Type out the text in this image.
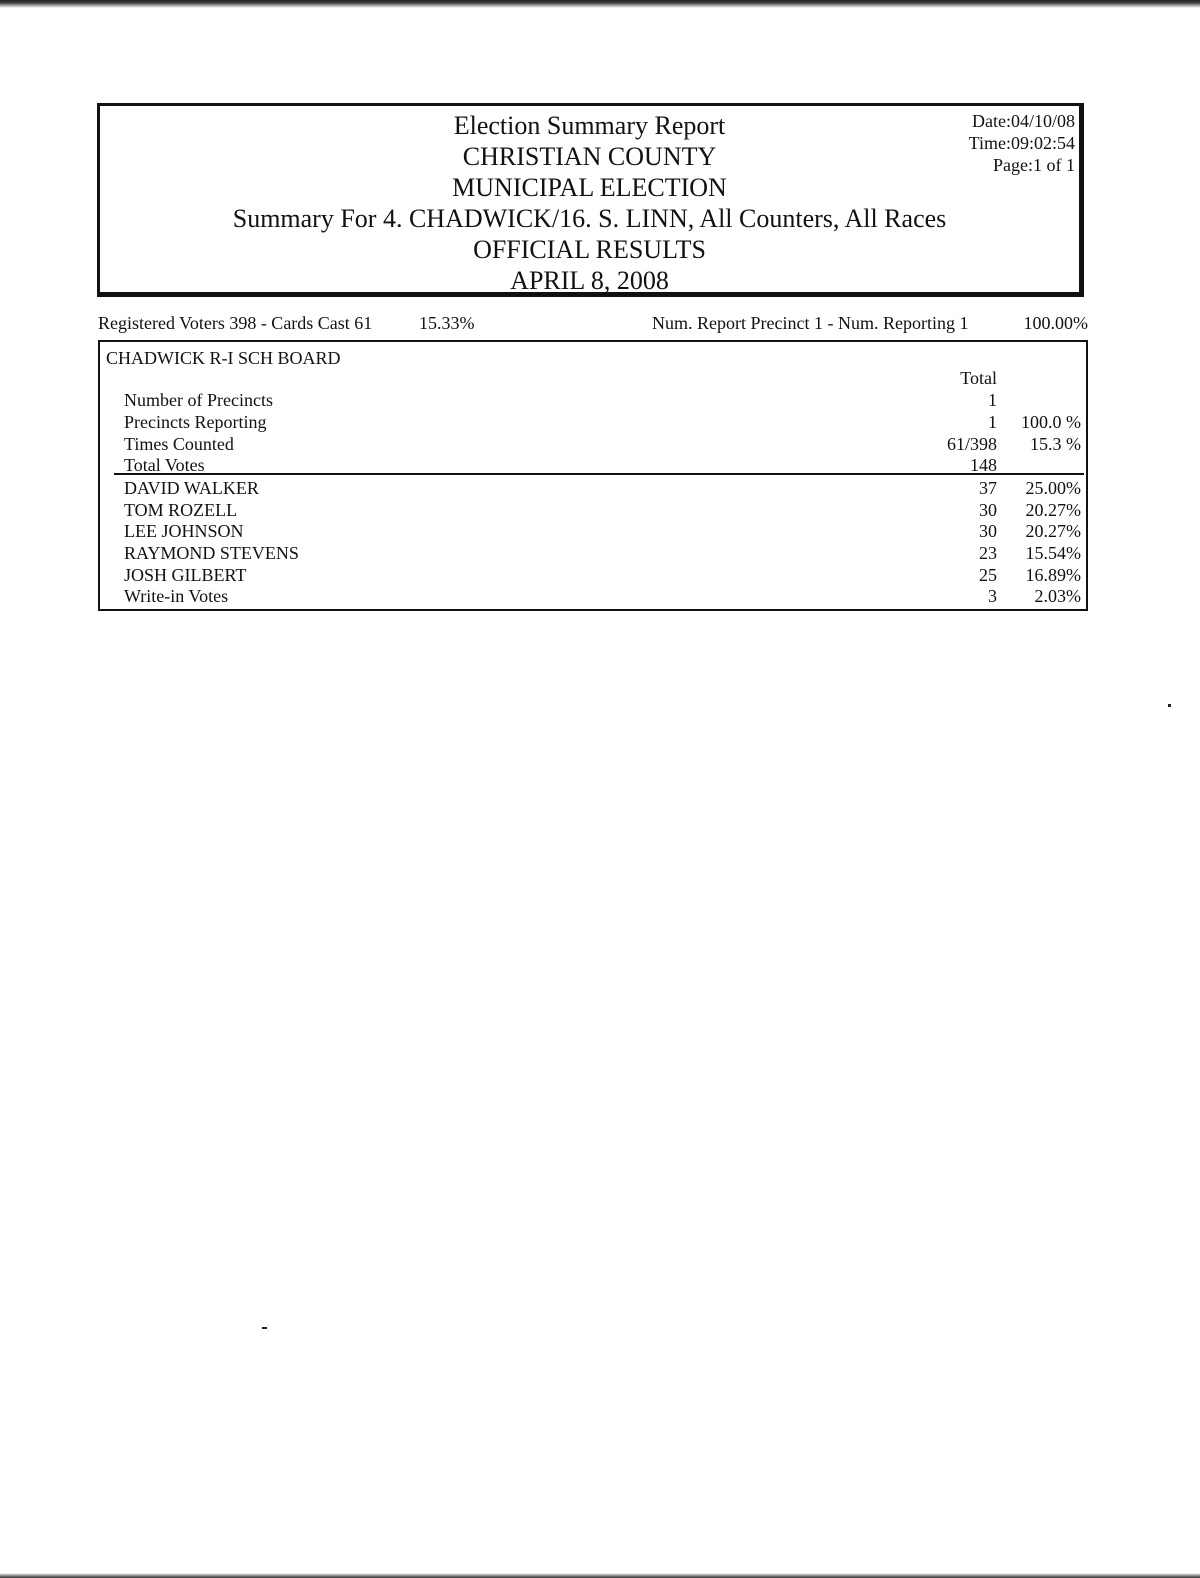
Election Summary Report
CHRISTIAN COUNTY
MUNICIPAL ELECTION
Summary For 4. CHADWICK/16. S. LINN, All Counters, All Races
OFFICIAL RESULTS
APRIL 8, 2008
Date:04/10/08
Time:09:02:54
Page:1 of 1
Registered Voters 398 - Cards Cast 61	15.33%	Num. Report Precinct 1 - Num. Reporting 1	100.00%
CHADWICK R-I SCH BOARD
Total
Number of Precincts	1
Precincts Reporting	1 100.0 %
Times Counted	61/398 15.3 %
Total Votes	148
DAVID WALKER	37 25.00%
TOM ROZELL	30 20.27%
LEE JOHNSON	30 20.27%
RAYMOND STEVENS	23 15.54%
JOSH GILBERT	25 16.89%
Write-in Votes	3 2.03%
